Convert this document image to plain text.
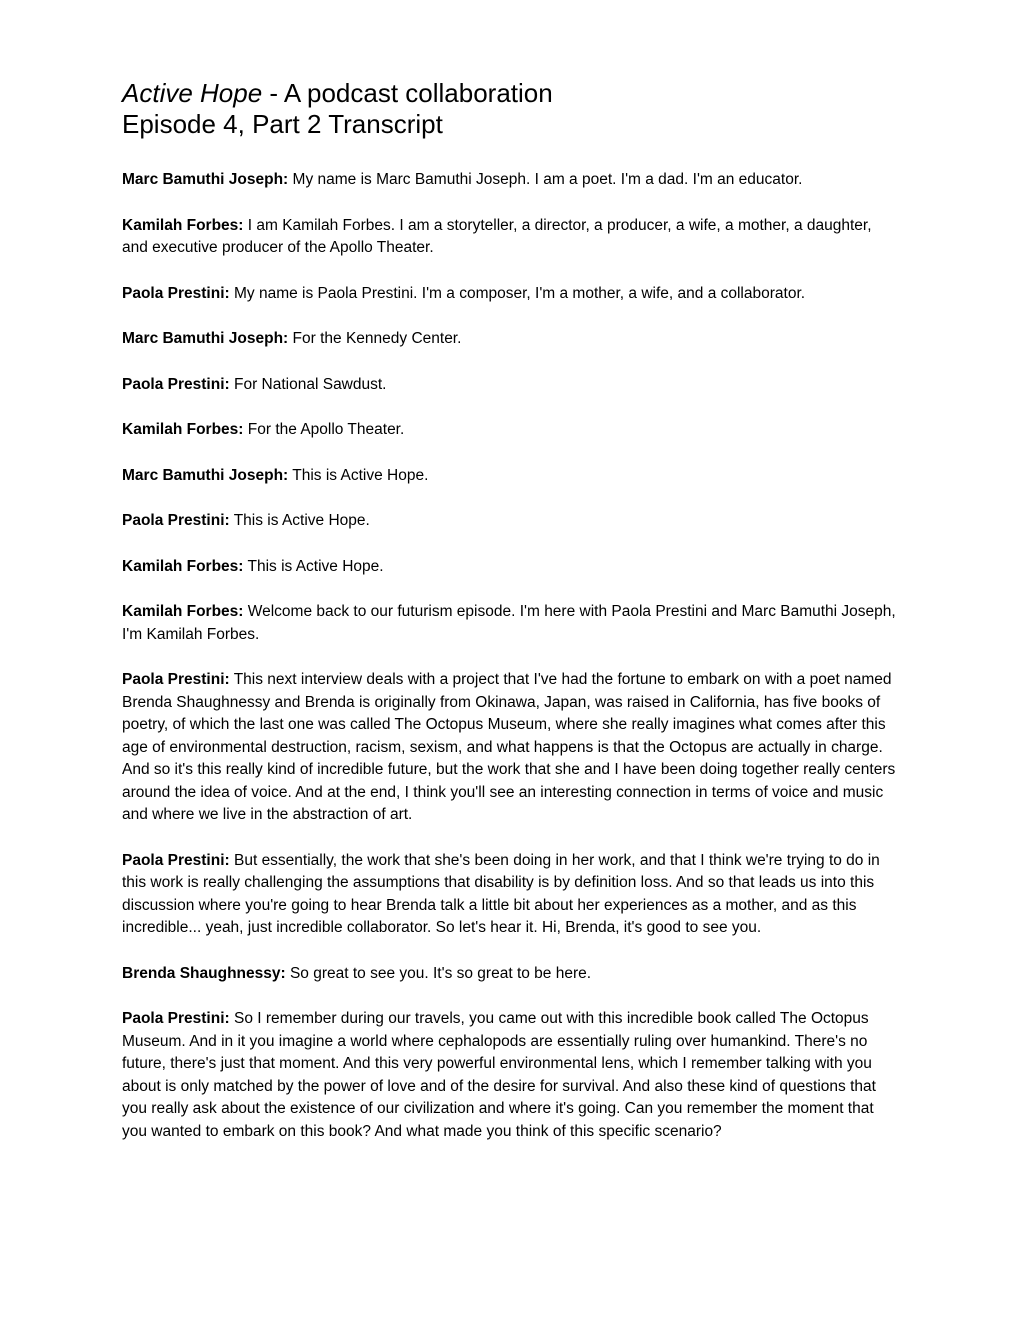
Active Hope - A podcast collaboration
Episode 4, Part 2 Transcript

Marc Bamuthi Joseph: My name is Marc Bamuthi Joseph. I am a poet. I'm a dad. I'm an educator.

Kamilah Forbes: I am Kamilah Forbes. I am a storyteller, a director, a producer, a wife, a mother, a daughter, and executive producer of the Apollo Theater.

Paola Prestini: My name is Paola Prestini. I'm a composer, I'm a mother, a wife, and a collaborator.

Marc Bamuthi Joseph: For the Kennedy Center.

Paola Prestini: For National Sawdust.

Kamilah Forbes: For the Apollo Theater.

Marc Bamuthi Joseph: This is Active Hope.

Paola Prestini: This is Active Hope.

Kamilah Forbes: This is Active Hope.

Kamilah Forbes: Welcome back to our futurism episode. I'm here with Paola Prestini and Marc Bamuthi Joseph, I'm Kamilah Forbes.

Paola Prestini: This next interview deals with a project that I've had the fortune to embark on with a poet named Brenda Shaughnessy and Brenda is originally from Okinawa, Japan, was raised in California, has five books of poetry, of which the last one was called The Octopus Museum, where she really imagines what comes after this age of environmental destruction, racism, sexism, and what happens is that the Octopus are actually in charge. And so it's this really kind of incredible future, but the work that she and I have been doing together really centers around the idea of voice. And at the end, I think you'll see an interesting connection in terms of voice and music and where we live in the abstraction of art.

Paola Prestini: But essentially, the work that she's been doing in her work, and that I think we're trying to do in this work is really challenging the assumptions that disability is by definition loss. And so that leads us into this discussion where you're going to hear Brenda talk a little bit about her experiences as a mother, and as this incredible... yeah, just incredible collaborator. So let's hear it. Hi, Brenda, it's good to see you.

Brenda Shaughnessy: So great to see you. It's so great to be here.

Paola Prestini: So I remember during our travels, you came out with this incredible book called The Octopus Museum. And in it you imagine a world where cephalopods are essentially ruling over humankind. There's no future, there's just that moment. And this very powerful environmental lens, which I remember talking with you about is only matched by the power of love and of the desire for survival. And also these kind of questions that you really ask about the existence of our civilization and where it's going. Can you remember the moment that you wanted to embark on this book? And what made you think of this specific scenario?
